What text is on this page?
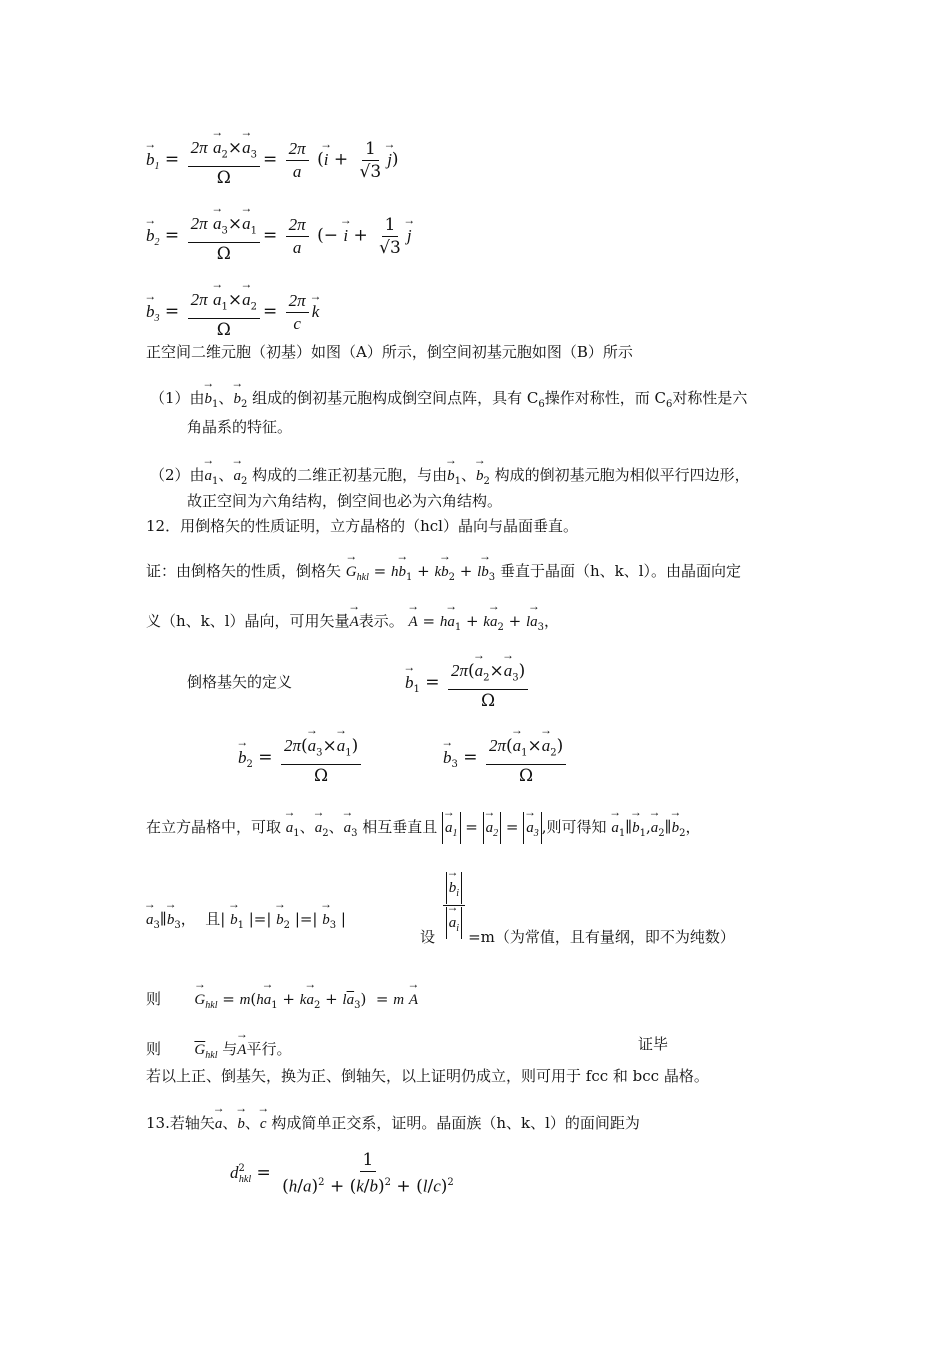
→ $b_1 = \frac{2\pi \to a_2\times\to a_3}{\Omega} = \frac{2\pi}{a}$ (→ $i + \frac{1}{√3} \to j$)
→ $b_2 = \frac{2\pi \to a_3\times\to a_1}{\Omega} = \frac{2\pi}{a}$ (− → $i + \frac{1}{√3} \to j$
→ $b_3 = \frac{2\pi \to a_1\times\to a_2}{\Omega} = \frac{2\pi}{c} \to k$
正空间二维元胞（初基）如图（A）所示，倒空间初基元胞如图（B）所示
（1）由→ $b_1$、→ $b_2$ 组成的倒初基元胞构成倒空间点阵，具有 $C_6$操作对称性，而 $C_6$对称性是六
角晶系的特征。
（2）由→ $a_1$、→ $a_2$ 构成的二维正初基元胞，与由→ $b_1$、→ $b_2$ 构成的倒初基元胞为相似平行四边形，
故正空间为六角结构，倒空间也必为六角结构。
12．用倒格矢的性质证明，立方晶格的（hcl）晶向与晶面垂直。
证：由倒格矢的性质，倒格矢 → $G_{hkl} = h\to b_1 + k\to b_2 + l\to b_3$ 垂直于晶面（h、k、l）。由晶面向定
义（h、k、l）晶向，可用矢量→ A表示。 → $A = h\to a_1 + k\to a_2 + l\to a_3$，
倒格基矢的定义	→ $b_1 = \frac{2\pi(\to a_2\times\to a_3)}{\Omega}$
→ $b_2 = \frac{2\pi(\to a_3\times\to a_1)}{\Omega}$	→ $b_3 = \frac{2\pi(\to a_1\times\to a_2)}{\Omega}$
在立方晶格中，可取 → $a_1$、→ $a_2$、→ $a_3$ 相互垂直且 → $a_1$ = → $a_2$ = → $a_3$ ,则可得知 → $a_1\parallel\to b_1,\to$ $a_2\parallel\to b_2$，
→ $a_3\parallel\to b_3$，  且| → $b_1$ |=| → $b_2$ |=| → $b_3$ |
设 → $b_i$
→ $a_i =m$（为常值，且有量纲，即不为纯数）
则 → $G_{hkl} = m(h\to a_1 + k\to a_2 + l\overline{a}_3) = m \to A$
则 $\overline{G}_{hkl}$ 与→ A平行。	证毕
若以上正、倒基矢，换为正、倒轴矢，以上证明仍成立，则可用于 fcc 和 bcc 晶格。
13.若轴矢→ a、→ b、→ c 构成简单正交系，证明。晶面族（h、k、l）的面间距为
$d^2_{hkl} = \frac{1}{(h/a)^2 + (k/b)^2 + (l/c)^2}$
